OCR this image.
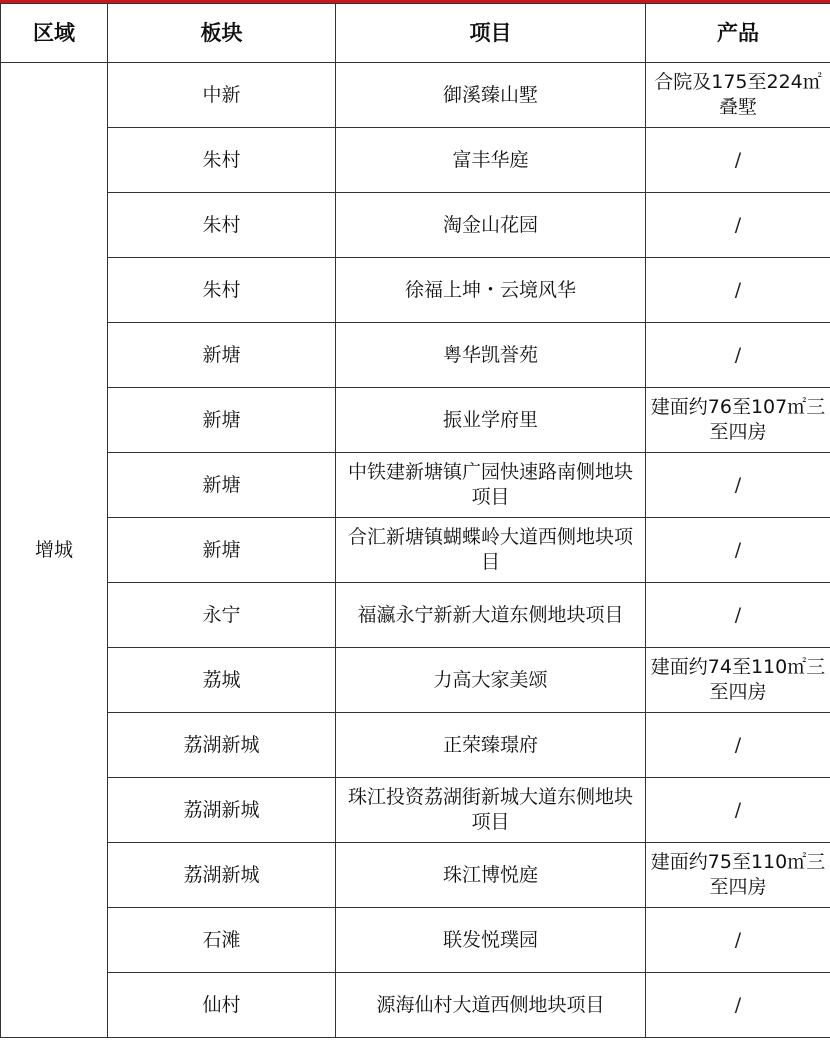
区域	板块	项目	产品
增城	中新	御溪臻山墅	合院及175至224㎡叠墅
	朱村	富丰华庭	/
	朱村	淘金山花园	/
	朱村	徐福上坤・云境风华	/
	新塘	粤华凯誉苑	/
	新塘	振业学府里	建面约76至107㎡三至四房
	新塘	中铁建新塘镇广园快速路南侧地块项目	/
	新塘	合汇新塘镇蝴蝶岭大道西侧地块项目	/
	永宁	福瀛永宁新新大道东侧地块项目	/
	荔城	力高大家美颂	建面约74至110㎡三至四房
	荔湖新城	正荣臻璟府	/
	荔湖新城	珠江投资荔湖街新城大道东侧地块项目	/
	荔湖新城	珠江博悦庭	建面约75至110㎡三至四房
	石滩	联发悦璞园	/
	仙村	源海仙村大道西侧地块项目	/
